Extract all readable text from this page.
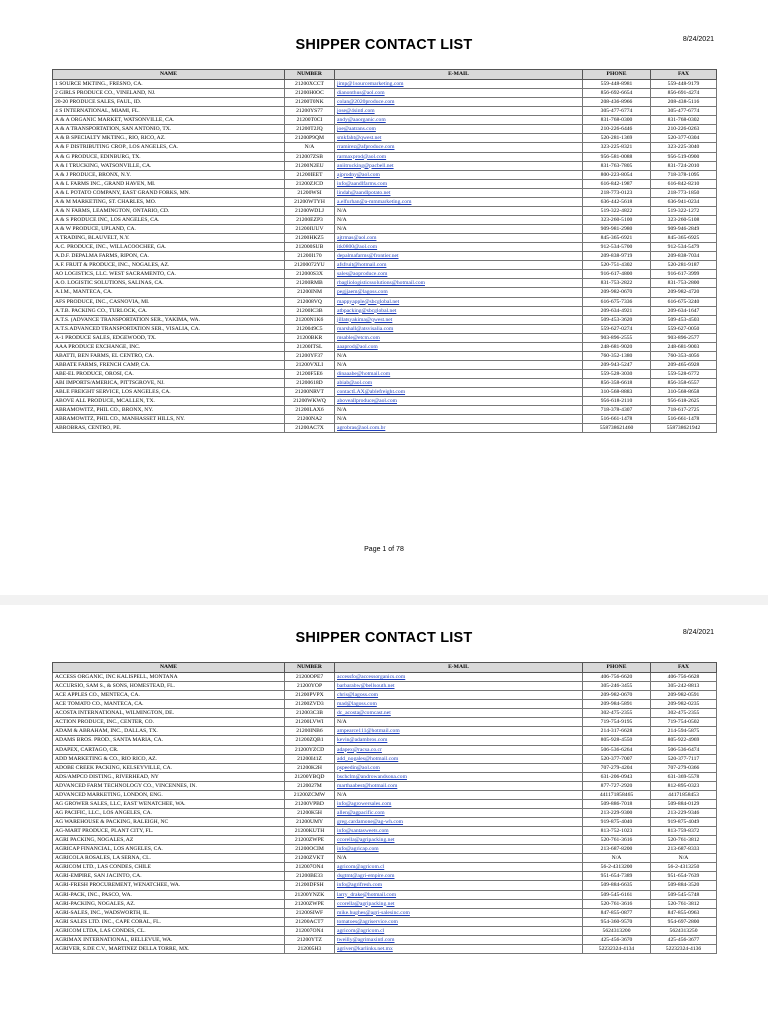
SHIPPER CONTACT LIST	8/24/2021
NAME	NUMBER	E-MAIL	PHONE	FAX
1 SOURCE MKTING., FRESNO, CA.	21200XCCT	jimp@1sourcemarketing.com	559-448-8981	559-448-9179
2 GIRLS PRODUCE CO., VINELAND, NJ.	21200H0OC	dianonthus@aol.com	856-692-6654	856-691-4274
20-20 PRODUCE SALES, FAUL, ID.	21200T0NK	colan@2020produce.com	208-436-8966	208-438-5116
4 S INTERNATIONAL, MIAMI, FL.	21200YS77	jose@4sintl.com	305-477-6774	305-477-6774
A & A ORGANIC MARKET, WATSONVILLE, CA.	21200T0CI	andy@aaorganic.com	831-768-0300	831-768-0302
A & A TRANSPORTATION, SAN ANTONIO, TX.	21200T2JQ	joe@aatrans.com	210-226-6446	210-226-0263
A & B SPECIALTY MKTING., RIO, RICO, AZ.	21200P9QM	smkfaht@qwest.net	520-281-1369	520-377-0304
A & F DISTRIBUTING CROP., LOS ANGELES, CA.	N/A	rramirez@afproduce.com	323-225-8321	323-225-3040
A & G PRODUCE, EDINBURG, TX.	212007ZSB	rarmaxprod@aol.com	956-581-0088	956-519-0900
A & I TRUCKING, WATSONVILLE, CA.	21200N2EU	aniitrucking@pacbell.net	831-763-7805	831-724-2010
A & J PRODUCE, BRONX, N.Y.	21200IEET	ajprodny@aol.com	800-223-8054	718-378-1095
A & L FARMS INC., GRAND HAVEN, MI.	21200ZJCD	info@aandlfarms.com	616-842-1987	616-842-8210
A & L POTATO COMPANY, EAST GRAND FORKS, MN.	21200WSI	lindah@aandlpotato.net	218-773-0123	218-773-1850
A & M MARKETING, ST. CHARLES, MO.	21200WTYH	a.elfurhan@a-mmmarketing.com	636-442-5618	636-941-0234
A & N FARMS, LEAMINGTON, ONTARIO, CD.	21200WDLJ	N/A	519-322-4822	519-322-1272
A & S PRODUCE INC, LOS ANGELES, CA.	21200EZP3	N/A	323-260-5100	323-260-5108
A & W PRODUCE, UPLAND, CA.	21200IUUV	N/A	909-981-2980	909-946-2849
A TRADING, BLAUVELT, N.Y.	21200HKZ5	ajtrmas@aol.com	845-365-6921	845-365-6925
A.C. PRODUCE, INC., WILLACOOCHEE, GA.	212000SUB	itk0800@aol.com	912-534-5700	912-534-5479
A.D.F. DEPALMA FARMS, RIPON, CA.	21200I170	depalmafarms@frontier.net	209-838-9719	209-838-7034
A.F. FRUIT & PRODUCE, INC., NOGALES, AZ.	21200072YU	afsfruit@hotmail.com	520-751-4302	520-281-9187
AO LOGISTICS, LLC. WEST SACRAMENTO, CA.	212000S3X	sales@aoproduce.com	916-617-4800	916-617-3999
A.O. LOGISTIC SOLUTIONS, SALINAS, CA.	21200RMB	rbagliologisticssolutions@hotmail.com	831-753-2822	831-753-2800
A.I.M., MANTECA, CA.	21200INM	pegjjaem@lagoss.com	209-982-0670	209-982-4720
AFS PRODUCE, INC., CASNOVIA, MI.	212008VQ	mappyapple@sbcglobal.net	616-675-7336	616-675-3240
A.T.B. PACKING CO., TURLOCK, CA.	21200IC3B	atbpacking@sbcglobal.net	209-634-4921	209-634-1647
A.T.S. (ADVANCE TRANSPORTATION SER., YAKIMA, WA.	21200N1K6	jillatsyakima@qwest.net	509-453-3620	509-453-4503
A.T.S.ADVANCED TRANSPORTATION SER., VISALIA, CA.	2120049C5	marshall@atsvisalia.com	559-627-0274	559-627-0050
A-1 PRODUCE SALES, EDGEWOOD, TX.	21200BKR	msable@etcm.com	903-896-2555	903-896-2577
AAA PRODUCE EXCHANGE, INC.	21200ITSL	aaaprod@aol.com	248-681-9020	248-681-9003
ABATTI, BEN FARMS, EL CENTRO, CA.	21200YF37	N/A	760-352-1380	760-353-4056
ABBATE FARMS, FRENCH CAMP, CA.	21200VXLI	N/A	209-943-5247	209-465-6928
ABE-EL PRODUCE, OROSI, CA.	21200F5E6	dinaaabe@hotmail.com	559-528-3030	559-528-6772
ABI IMPORTS/AMERICA, PITTSGROVE, NJ.	21200618D	abiab@aol.com	856-358-6618	856-358-6557
ABLE FREIGHT SERVICE, LOS ANGELES, CA.	21200NRVT	contactLAX@ablefreight.com	310-568-8883	310-568-8658
ABOVE ALL PRODUCE, MCALLEN, TX.	21200WKWQ	aboveallproduce@aol.com	956-618-2110	956-618-2625
ABRAMOWITZ, PHIL CO., BRONX, NY.	21200LAX6	N/A	718-378-4307	718-617-2725
ABRAMOWITZ, PHIL CO., MANHASSET HILLS, NY.	21200NA2	N/A	516-661-1478	516-661-1478
ABROBRAS, CENTRO, PE.	21200AC7X	agrobras@aol.com.br	558738621460	558738621942
Page 1 of 78
SHIPPER CONTACT LIST	8/24/2021
NAME	NUMBER	E-MAIL	PHONE	FAX
ACCESS ORGANIC, INC KALISPELL, MONTANA	21200OPE7	accessfo@accessorganics.com	406-756-6620	406-756-6628
ACCURSIO, SAM S., & SONS, HOMESTEAD, FL.	21200YOP	barbarabw@bellsouth.net	305-246-3455	305-242-8813
ACE APPLES CO., MENTECA, CA.	21200PVPX	chris@lagoss.com	209-982-0670	209-982-0591
ACE TOMATO CO., MANTECA, CA.	21200ZVD3	mad@lagoss.com	209-984-5891	209-982-0235
ACOSTA INTERNATIONAL, WILMINGTON, DE.	212003C3B	dc_acosta@comcast.net	302-475-2355	302-475-2355
ACTION PRODUCE, INC., CENTER, CO.	21200LVWI	N/A	719-754-9195	719-754-0502
ADAM & ABRAHAM, INC., DALLAS, TX.	21200INB6	ampearce111@hotmail.com	214-317-6628	214-594-5875
ADAMS BROS. PROD., SANTA MARIA, CA.	21200ZQB1	kevin@adambros.com	805-928-4550	805-922-4969
ADAPEX, CARTAGO, CR.	21200YZCD	adapex@racsa.co.cr	506-536-6264	506-536-6474
ADD MARKETING & CO., RIO RICO, AZ.	21200I41Z	add_nogales@hotmail.com	520-377-7007	520-377-7117
ADOBE CREEK PACKING, KELSEYVILLE, CA.	21200K2H	pspeedin@aol.com	707-279-4204	707-279-0366
ADS/AMPCO DISTING., RIVERHEAD, NY	21200YBQD	bschclm@androwandsona.com	631-206-0943	631-369-5578
ADVANCED FARM TECHNOLOGY CO., VINCENNES, IN.	2120027M	marthaabest@hotmail.com	877-727-2920	812-895-0323
ADVANCED MARKETING, LONDON, ENG.	21200ZCMW	N/A	441171858465	44171858453
AG GROWER SALES, LLC, EAST WENATCHEE, WA.	21200VPBD	info@agrowersales.com	509-886-7018	509-884-0129
AG PACIFIC, LLC., LOS ANGELES, CA.	21200K5H	allen@agpacific.com	213-229-9300	213-229-9346
AG WAREHOUSE & PACKING, RALEIGH, NC	21200UMY	greg.cardamone@ag-wh.com	919-875-4040	919-875-4049
AG-MART PRODUCE, PLANT CITY, FL.	21200KUTH	info@santasweets.com	813-752-1023	813-759-8372
AGRI PACKING, NOGALES, AZ	21200ZWPE	ccorella@agripacking.net	520-761-3616	520-761-3812
AGRICAP FINANCIAL, LOS ANGELES, CA.	21200OCIM	info@agricap.com	213-687-8200	213-687-8333
AGRICOLA ROSALES, LA SERNA, CL.	21200ZVKT	N/A	N/A	N/A
AGRICOM LTD., LAS CONDES, CHILE	212007ON4	agricom@agricom.cl	56-2-4313200	56-2-4313250
AGRI-EMPIRE, SAN JACINTO, CA.	21200BE33	dsgtmt@agri-empire.com	951-654-7389	951-654-7639
AGRI-FRESH PROCUREMENT, WENATCHEE, WA.	21200DFSH	info@agrifresh.com	509-884-6635	509-884-3520
AGRI-PACK, INC., PASCO, WA.	21200YNZK	larry_drake@hotmail.com	509-545-6161	509-545-5748
AGRI-PACKING, NOGALES, AZ.	21200ZWPE	ccorella@agripacking.net	520-761-3616	520-761-3812
AGRI-SALES, INC., WADSWORTH, IL.	21200SIWF	mike.hughes@agri-salesinc.com	847-855-0877	847-855-0963
AGRI SALES LTD. INC., CAPE CORAL, FL.	21200ACT7	tomatoes@agriservice.com	954-360-9570	954-697-2800
AGRICOM LTDA, LAS CONDES, CL.	212007ON4	agricom@agricom.cl	5624313200	5624313250
AGRIMAX INTERNATIONAL, BELLEVUE, WA.	21200YTZ	tweilly@agrimaxintl.com	425-456-3670	425-456-3677
AGRIVER, S.DE C.V., MARTINEZ DELLA TORRE, MX.	212005H3	agriver@karlinks.net.mx	52232324-4134	52232324-4136
